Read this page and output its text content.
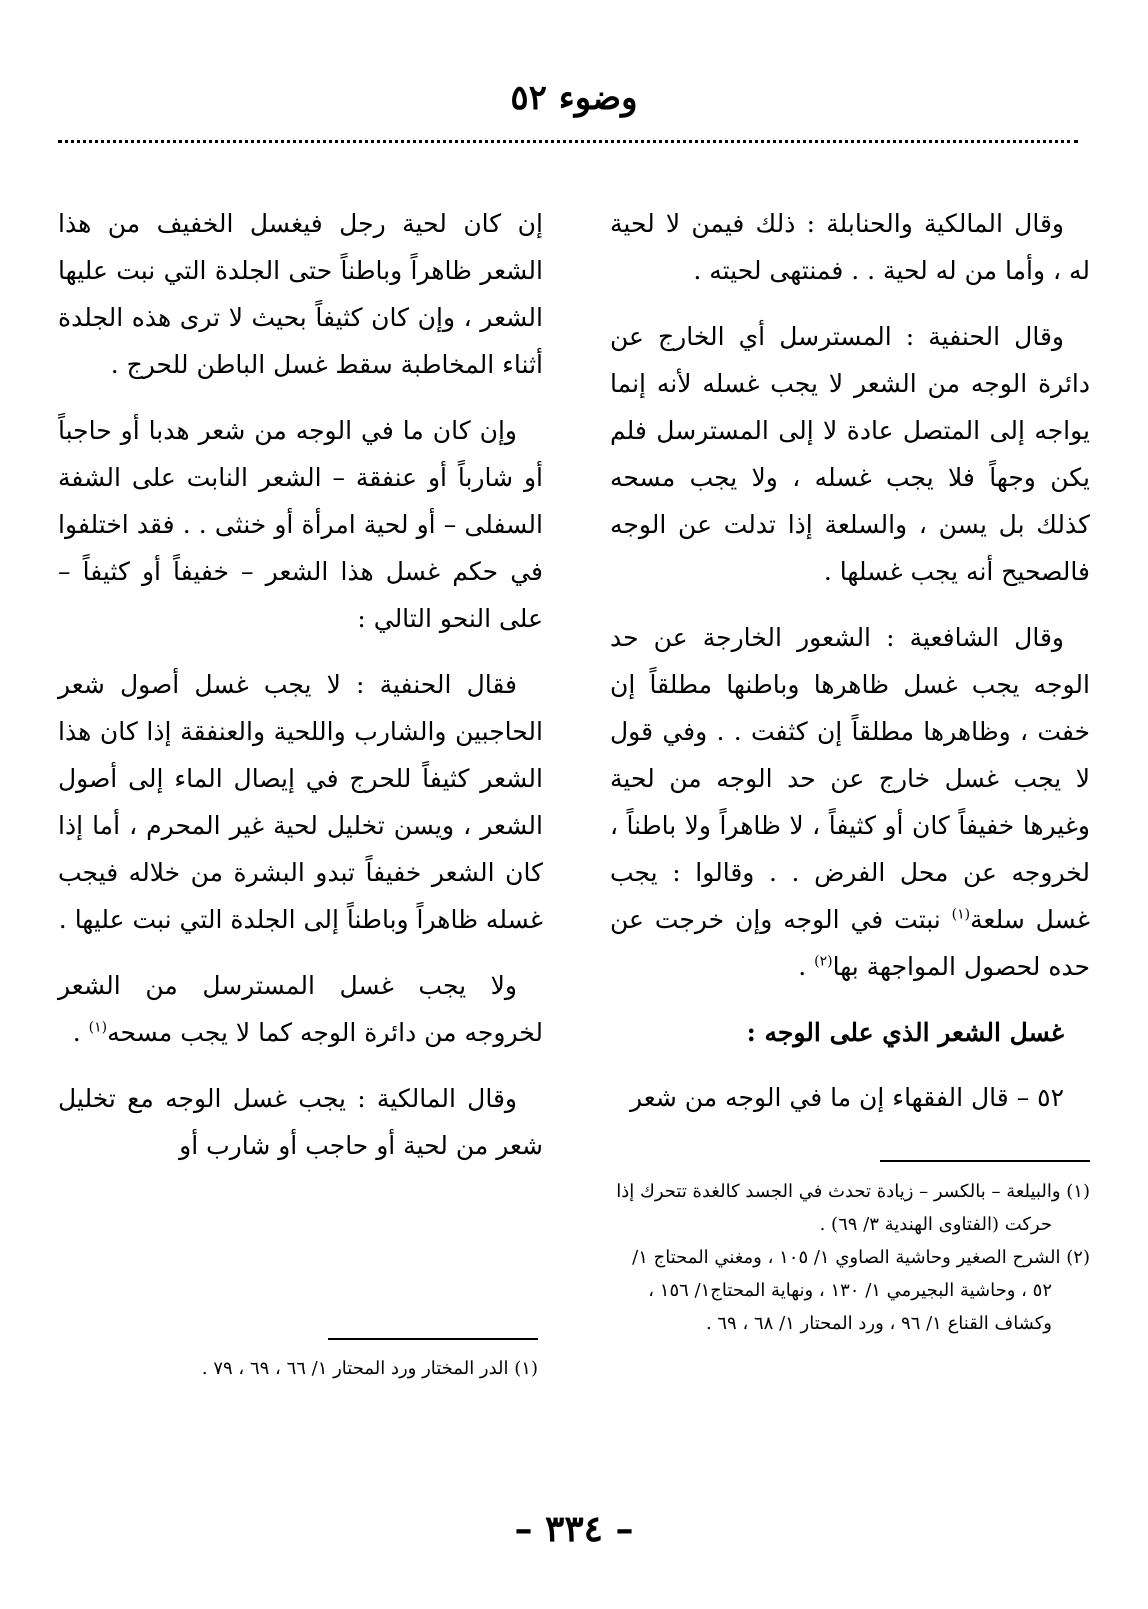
وضوء ٥٢

وقال المالكية والحنابلة : ذلك فيمن لا لحية له ، وأما من له لحية . . فمنتهى لحيته .

وقال الحنفية : المسترسل أي الخارج عن دائرة الوجه من الشعر لا يجب غسله لأنه إنما يواجه إلى المتصل عادة لا إلى المسترسل فلم يكن وجهاً فلا يجب غسله ، ولا يجب مسحه كذلك بل يسن ، والسلعة إذا تدلت عن الوجه فالصحيح أنه يجب غسلها .

وقال الشافعية : الشعور الخارجة عن حد الوجه يجب غسل ظاهرها وباطنها مطلقاً إن خفت ، وظاهرها مطلقاً إن كثفت . . وفي قول لا يجب غسل خارج عن حد الوجه من لحية وغيرها خفيفاً كان أو كثيفاً ، لا ظاهراً ولا باطناً ، لخروجه عن محل الفرض . . وقالوا : يجب غسل سلعة$^{(١)}$ نبتت في الوجه وإن خرجت عن حده لحصول المواجهة بها$^{(٢)}$ .

غسل الشعر الذي على الوجه :

٥٢ – قال الفقهاء إن ما في الوجه من شعر

إن كان لحية رجل فيغسل الخفيف من هذا الشعر ظاهراً وباطناً حتى الجلدة التي نبت عليها الشعر ، وإن كان كثيفاً بحيث لا ترى هذه الجلدة أثناء المخاطبة سقط غسل الباطن للحرج .

وإن كان ما في الوجه من شعر هدبا أو حاجباً أو شارباً أو عنفقة – الشعر النابت على الشفة السفلى – أو لحية امرأة أو خنثى . . فقد اختلفوا في حكم غسل هذا الشعر – خفيفاً أو كثيفاً – على النحو التالي :

فقال الحنفية : لا يجب غسل أصول شعر الحاجبين والشارب واللحية والعنفقة إذا كان هذا الشعر كثيفاً للحرج في إيصال الماء إلى أصول الشعر ، ويسن تخليل لحية غير المحرم ، أما إذا كان الشعر خفيفاً تبدو البشرة من خلاله فيجب غسله ظاهراً وباطناً إلى الجلدة التي نبت عليها .

ولا يجب غسل المسترسل من الشعر لخروجه من دائرة الوجه كما لا يجب مسحه$^{(١)}$ .

وقال المالكية : يجب غسل الوجه مع تخليل شعر من لحية أو حاجب أو شارب أو

(١) والبيلعة – بالكسر – زيادة تحدث في الجسد كالغدة تتحرك إذا حركت (الفتاوى الهندية ٣/ ٦٩) .
(٢) الشرح الصغير وحاشية الصاوي ١/ ١٠٥ ، ومغني المحتاج ١/ ٥٢ ، وحاشية البجيرمي ١/ ١٣٠ ، ونهاية المحتاج١/ ١٥٦ ، وكشاف القناع ١/ ٩٦ ، ورد المحتار ١/ ٦٨ ، ٦٩ .
(١) الدر المختار ورد المحتار ١/ ٦٦ ، ٦٩ ، ٧٩ .
– ٣٣٤ –
